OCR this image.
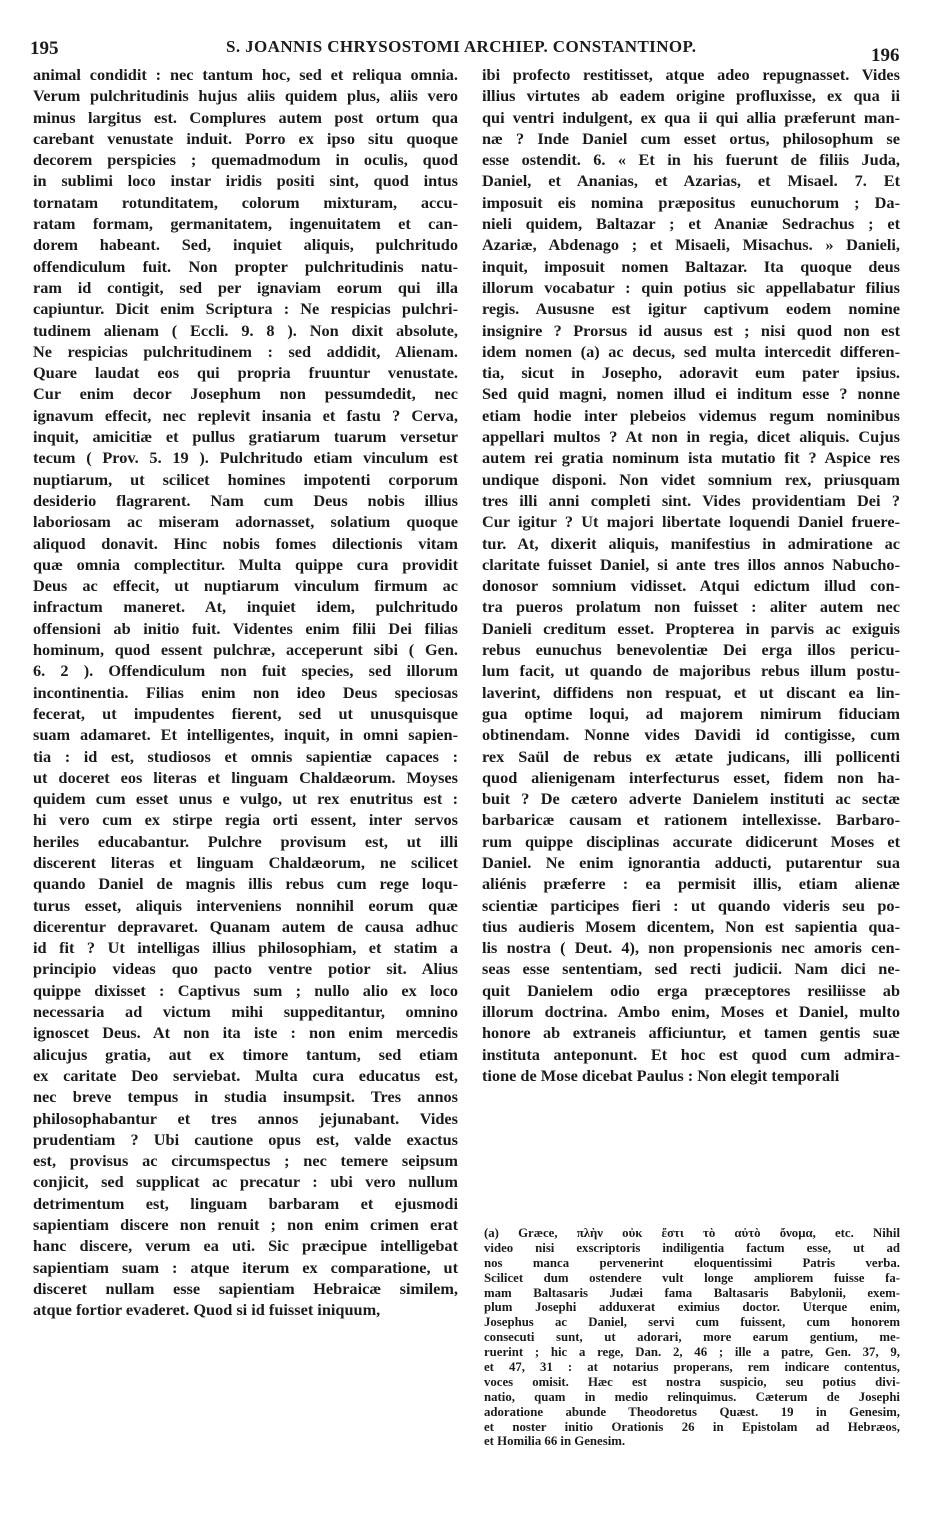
195	S. JOANNIS CHRYSOSTOMI ARCHIEP. CONSTANTINOP.	196
animal condidit : nec tantum hoc, sed et reliqua omnia.
Verum pulchritudinis hujus aliis quidem plus, aliis vero
minus largitus est. Complures autem post ortum qua
carebant venustate induit. Porro ex ipso situ quoque
decorem perspicies ; quemadmodum in oculis, quod
in sublimi loco instar iridis positi sint, quod intus
tornatam rotunditatem, colorum mixturam, accu-
ratam formam, germanitatem, ingenuitatem et can-
dorem habeant. Sed, inquiet aliquis, pulchritudo
offendiculum fuit. Non propter pulchritudinis natu-
ram id contigit, sed per ignaviam eorum qui illa
capiuntur. Dicit enim Scriptura : Ne respicias pulchri-
tudinem alienam ( Eccli. 9. 8 ). Non dixit absolute,
Ne respicias pulchritudinem : sed addidit, Alienam.
Quare laudat eos qui propria fruuntur venustate.
Cur enim decor Josephum non pessumdedit, nec
ignavum effecit, nec replevit insania et fastu ? Cerva,
inquit, amicitiæ et pullus gratiarum tuarum versetur
tecum ( Prov. 5. 19 ). Pulchritudo etiam vinculum est
nuptiarum, ut scilicet homines impotenti corporum
desiderio flagrarent. Nam cum Deus nobis illius
laboriosam ac miseram adornasset, solatium quoque
aliquod donavit. Hinc nobis fomes dilectionis vitam
quæ omnia complectitur. Multa quippe cura providit
Deus ac effecit, ut nuptiarum vinculum firmum ac
infractum maneret. At, inquiet idem, pulchritudo
offensioni ab initio fuit. Videntes enim filii Dei filias
hominum, quod essent pulchræ, acceperunt sibi ( Gen.
6. 2 ). Offendiculum non fuit species, sed illorum
incontinentia. Filias enim non ideo Deus speciosas
fecerat, ut impudentes fierent, sed ut unusquisque
suam adamaret. Et intelligentes, inquit, in omni sapien-
tia : id est, studiosos et omnis sapientiæ capaces :
ut doceret eos literas et linguam Chaldæorum. Moyses
quidem cum esset unus e vulgo, ut rex enutritus est :
hi vero cum ex stirpe regia orti essent, inter servos
heriles educabantur. Pulchre provisum est, ut illi
discerent literas et linguam Chaldæorum, ne scilicet
quando Daniel de magnis illis rebus cum rege loqu-
turus esset, aliquis interveniens nonnihil eorum quæ
dicerentur depravaret. Quanam autem de causa adhuc
id fit ? Ut intelligas illius philosophiam, et statim a
principio videas quo pacto ventre potior sit. Alius
quippe dixisset : Captivus sum ; nullo alio ex loco
necessaria ad victum mihi suppeditantur, omnino
ignoscet Deus. At non ita iste : non enim mercedis
alicujus gratia, aut ex timore tantum, sed etiam
ex caritate Deo serviebat. Multa cura educatus est,
nec breve tempus in studia insumpsit. Tres annos
philosophabantur et tres annos jejunabant. Vides
prudentiam ? Ubi cautione opus est, valde exactus
est, provisus ac circumspectus ; nec temere seipsum
conjicit, sed supplicat ac precatur : ubi vero nullum
detrimentum est, linguam barbaram et ejusmodi
sapientiam discere non renuit ; non enim crimen erat
hanc discere, verum ea uti. Sic præcipue intelligebat
sapientiam suam : atque iterum ex comparatione, ut
disceret nullam esse sapientiam Hebraicæ similem,
atque fortior evaderet. Quod si id fuisset iniquum,
ibi profecto restitisset, atque adeo repugnasset. Vides
illius virtutes ab eadem origine profluxisse, ex qua ii
qui ventri indulgent, ex qua ii qui allia præferunt man-
næ ? Inde Daniel cum esset ortus, philosophum se
esse ostendit. 6. « Et in his fuerunt de filiis Juda,
Daniel, et Ananias, et Azarias, et Misael. 7. Et
imposuit eis nomina præpositus eunuchorum ; Da-
nieli quidem, Baltazar ; et Ananiæ Sedrachus ; et
Azariæ, Abdenago ; et Misaeli, Misachus. » Danieli,
inquit, imposuit nomen Baltazar. Ita quoque deus
illorum vocabatur : quin potius sic appellabatur filius
regis. Aususne est igitur captivum eodem nomine
insignire ? Prorsus id ausus est ; nisi quod non est
idem nomen (a) ac decus, sed multa intercedit differen-
tia, sicut in Josepho, adoravit eum pater ipsius.
Sed quid magni, nomen illud ei inditum esse ? nonne
etiam hodie inter plebeios videmus regum nominibus
appellari multos ? At non in regia, dicet aliquis. Cujus
autem rei gratia nominum ista mutatio fit ? Aspice res
undique disponi. Non videt somnium rex, priusquam
tres illi anni completi sint. Vides providentiam Dei ?
Cur igitur ? Ut majori libertate loquendi Daniel fruere-
tur. At, dixerit aliquis, manifestius in admiratione ac
claritate fuisset Daniel, si ante tres illos annos Nabucho-
donosor somnium vidisset. Atqui edictum illud con-
tra pueros prolatum non fuisset : aliter autem nec
Danieli creditum esset. Propterea in parvis ac exiguis
rebus eunuchus benevolentiæ Dei erga illos pericu-
lum facit, ut quando de majoribus rebus illum postu-
laverint, diffidens non respuat, et ut discant ea lin-
gua optime loqui, ad majorem nimirum fiduciam
obtinendam. Nonne vides Davidi id contigisse, cum
rex Saül de rebus ex ætate judicans, illi pollicenti
quod alienigenam interfecturus esset, fidem non ha-
buit ? De cætero adverte Danielem instituti ac sectæ
barbaricæ causam et rationem intellexisse. Barbaro-
rum quippe disciplinas accurate didicerunt Moses et
Daniel. Ne enim ignorantia adducti, putarentur sua
aliénis præferre : ea permisit illis, etiam alienæ
scientiæ participes fieri : ut quando videris seu po-
tius audieris Mosem dicentem, Non est sapientia qua-
lis nostra ( Deut. 4), non propensionis nec amoris cen-
seas esse sententiam, sed recti judicii. Nam dici ne-
quit Danielem odio erga præceptores resiliisse ab
illorum doctrina. Ambo enim, Moses et Daniel, multo
honore ab extraneis afficiuntur, et tamen gentis suæ
instituta anteponunt. Et hoc est quod cum admira-
tione de Mose dicebat Paulus : Non elegit temporali
(a) Græce, πλὴν οὐκ ἔστι τὸ αὐτὸ ὄνομα, etc. Nihil
video nisi exscriptoris indiligentia factum esse, ut ad
nos manca pervenerint eloquentissimi Patris verba.
Scilicet dum ostendere vult longe ampliorem fuisse fa-
mam Baltasaris Judæi fama Baltasaris Babylonii, exem-
plum Josephi adduxerat eximius doctor. Uterque enim,
Josephus ac Daniel, servi cum fuissent, cum honorem
consecuti sunt, ut adorari, more earum gentium, me-
ruerint ; hic a rege, Dan. 2, 46 ; ille a patre, Gen. 37, 9,
et 47, 31 : at notarius properans, rem indicare contentus,
voces omisit. Hæc est nostra suspicio, seu potius divi-
natio, quam in medio relinquimus. Cæterum de Josephi
adoratione abunde Theodoretus Quæst. 19 in Genesim,
et noster initio Orationis 26 in Epistolam ad Hebræos,
et Homilia 66 in Genesim.
